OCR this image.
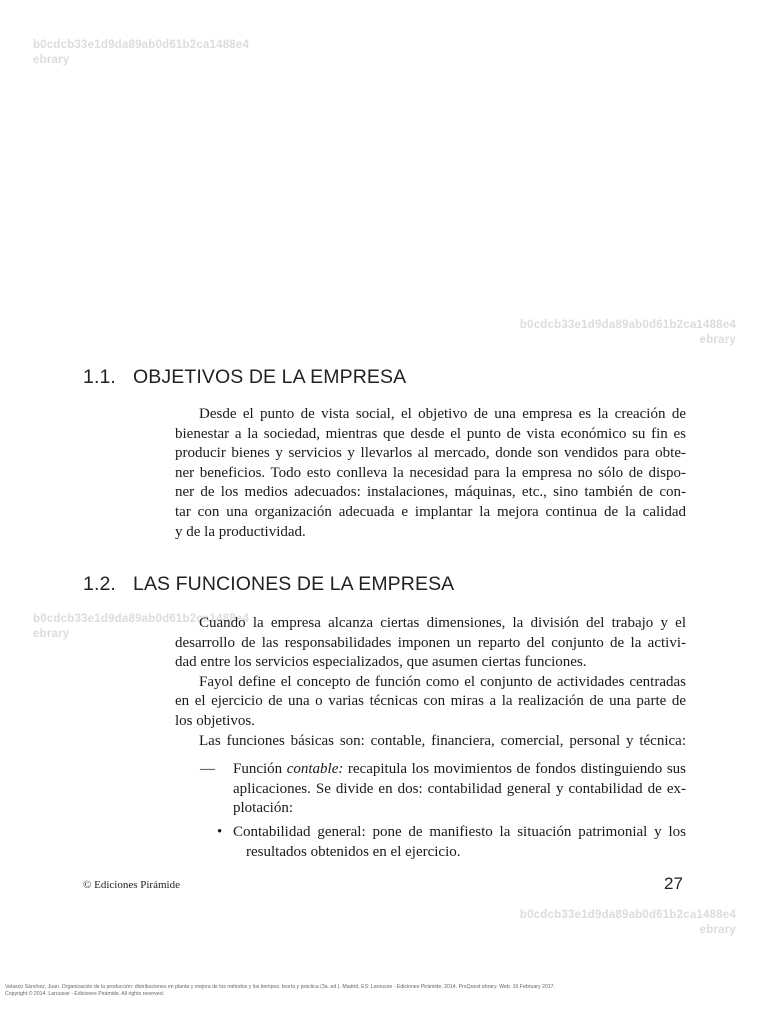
b0cdcb33e1d9da89ab0d61b2ca1488e4
ebrary
b0cdcb33e1d9da89ab0d61b2ca1488e4
ebrary
b0cdcb33e1d9da89ab0d61b2ca1488e4
ebrary
b0cdcb33e1d9da89ab0d61b2ca1488e4
ebrary
1.1. OBJETIVOS DE LA EMPRESA
Desde el punto de vista social, el objetivo de una empresa es la creación de
bienestar a la sociedad, mientras que desde el punto de vista económico su fin es
producir bienes y servicios y llevarlos al mercado, donde son vendidos para obte-
ner beneficios. Todo esto conlleva la necesidad para la empresa no sólo de dispo-
ner de los medios adecuados: instalaciones, máquinas, etc., sino también de con-
tar con una organización adecuada e implantar la mejora continua de la calidad
y de la productividad.
1.2. LAS FUNCIONES DE LA EMPRESA
Cuando la empresa alcanza ciertas dimensiones, la división del trabajo y el
desarrollo de las responsabilidades imponen un reparto del conjunto de la activi-
dad entre los servicios especializados, que asumen ciertas funciones.
Fayol define el concepto de función como el conjunto de actividades centradas
en el ejercicio de una o varias técnicas con miras a la realización de una parte de
los objetivos.
Las funciones básicas son: contable, financiera, comercial, personal y técnica:
— Función contable: recapitula los movimientos de fondos distinguiendo sus
aplicaciones. Se divide en dos: contabilidad general y contabilidad de ex-
plotación:
• Contabilidad general: pone de manifiesto la situación patrimonial y los
resultados obtenidos en el ejercicio.
© Ediciones Pirámide	27
Velasco Sánchez, Juan. Organización de la producción: distribuciones en planta y mejora de los métodos y los tiempos. teoría y práctica (3a. ed.). Madrid, ES: Larousse - Ediciones Pirámide, 2014. ProQuest ebrary. Web. 10 February 2017.
Copyright © 2014. Larousse - Ediciones Pirámide. All rights reserved.
